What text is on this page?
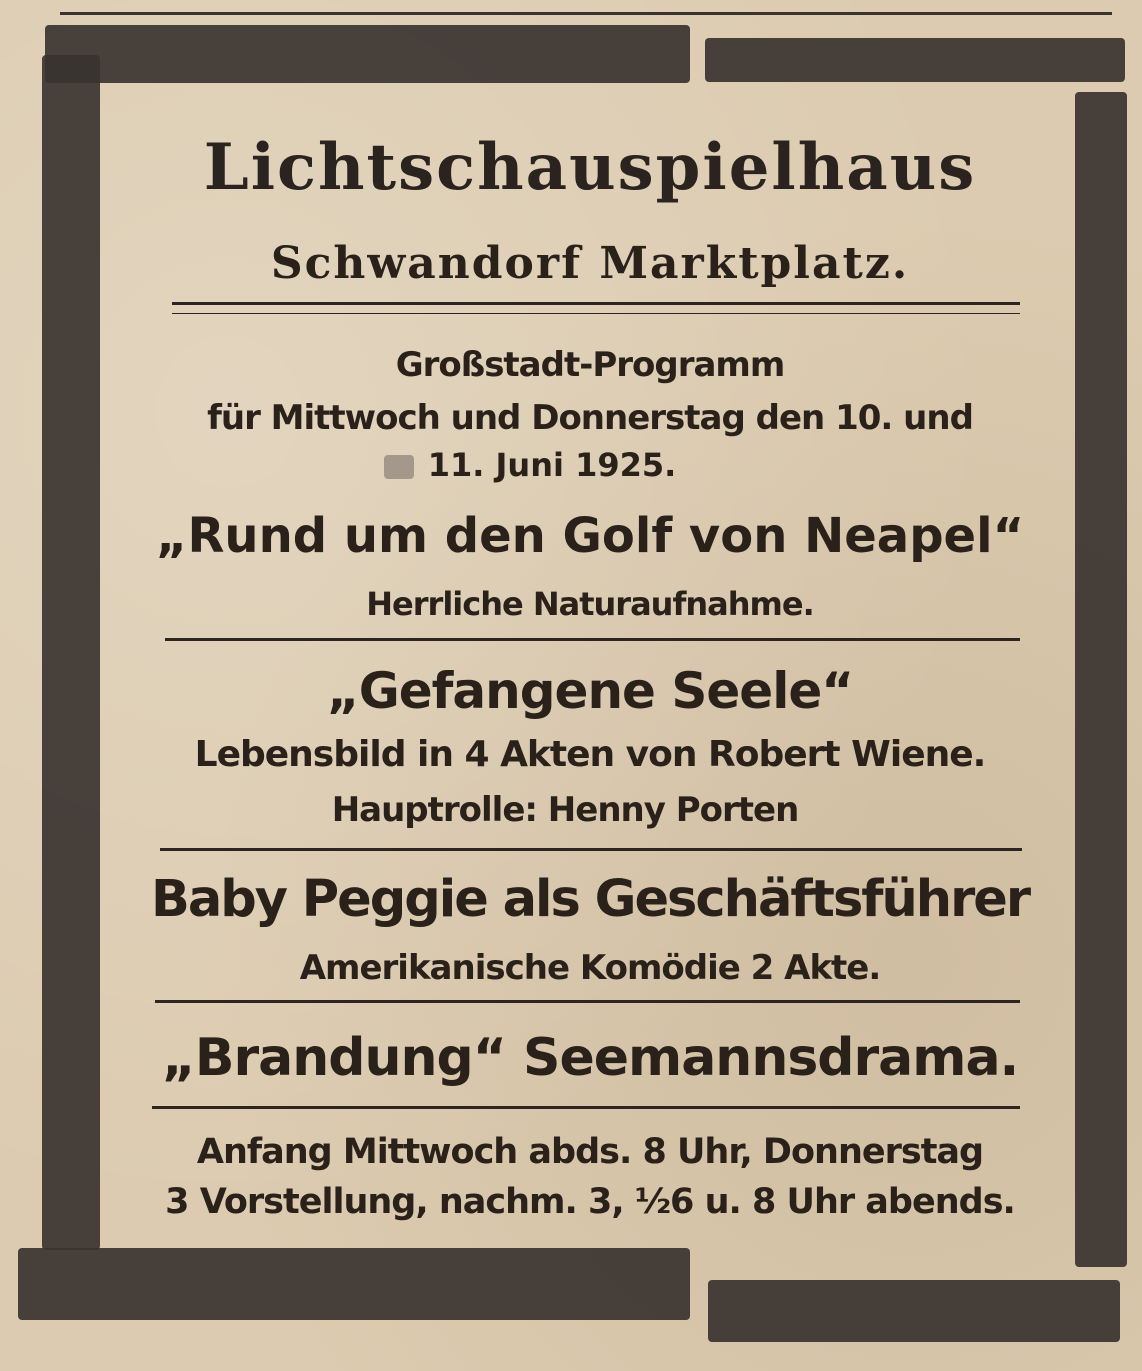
Lichtschauspielhaus
Schwandorf Marktplatz.
Großstadt-Programm
für Mittwoch und Donnerstag den 10. und
11. Juni 1925.
„Rund um den Golf von Neapel“
Herrliche Naturaufnahme.
„Gefangene Seele“
Lebensbild in 4 Akten von Robert Wiene.
Hauptrolle: Henny Porten
Baby Peggie als Geschäftsführer
Amerikanische Komödie 2 Akte.
„Brandung“ Seemannsdrama.
Anfang Mittwoch abds. 8 Uhr, Donnerstag
3 Vorstellung, nachm. 3, ½6 u. 8 Uhr abends.
